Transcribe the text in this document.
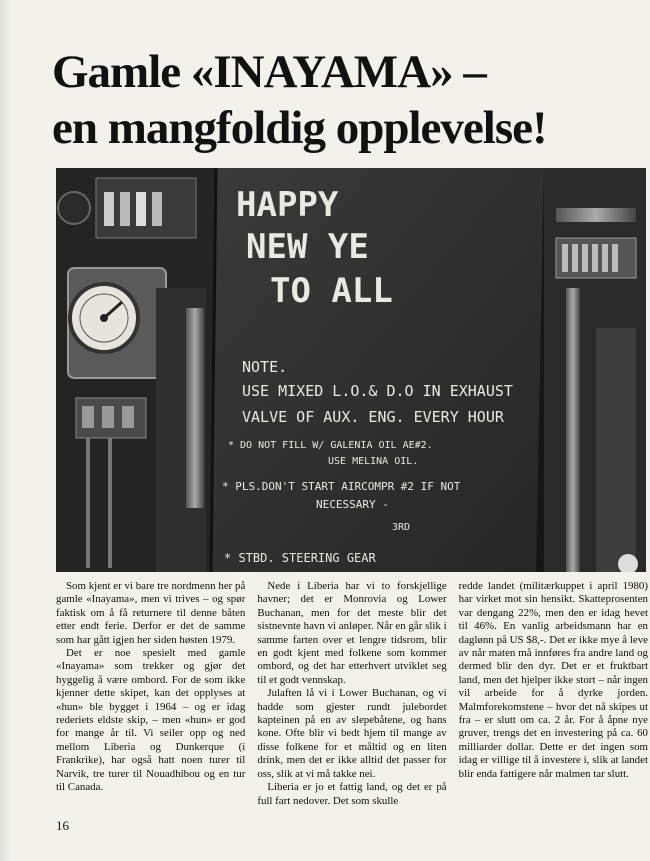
Gamle «INAYAMA» –
en mangfoldig opplevelse!
HAPPY
NEW YE
TO ALL
NOTE.
USE MIXED L.O.& D.O IN EXHAUST
VALVE OF AUX. ENG. EVERY HOUR
* DO NOT FILL W/ GALENIA OIL AE#2.
USE MELINA OIL.
* PLS.DON'T START AIRCOMPR #2 IF NOT
NECESSARY -
3RD
* STBD. STEERING GEAR

Som kjent er vi bare tre nordmenn her på gamle «Inayama», men vi trives – og spør faktisk om å få returnere til denne båten etter endt ferie. Derfor er det de samme som har gått igjen her siden høsten 1979.

Det er noe spesielt med gamle «Inayama» som trekker og gjør det hyggelig å være ombord. For de som ikke kjenner dette skipet, kan det opplyses at «hun» ble bygget i 1964 – og er idag rederiets eldste skip, – men «hun» er god for mange år til. Vi seiler opp og ned mellom Liberia og Dunkerque (i Frankrike), har også hatt noen turer til Narvik, tre turer til Nouadhibou og en tur til Canada.

Nede i Liberia har vi to forskjellige havner; det er Monrovia og Lower Buchanan, men for det meste blir det sistnevnte havn vi anløper. Når en går slik i samme farten over et lengre tidsrom, blir en godt kjent med folkene som kommer ombord, og det har etterhvert utviklet seg til et godt vennskap.

Julaften lå vi i Lower Buchanan, og vi hadde som gjester rundt julebordet kapteinen på en av slepebåtene, og hans kone. Ofte blir vi bedt hjem til mange av disse folkene for et måltid og en liten drink, men det er ikke alltid det passer for oss, slik at vi må takke nei.

Liberia er jo et fattig land, og det er på full fart nedover. Det som skulle

redde landet (militærkuppet i april 1980) har virket mot sin hensikt. Skatteprosenten var dengang 22%, men den er idag hevet til 46%. En vanlig arbeidsmann har en daglønn på US $8,-. Det er ikke mye å leve av når maten må innføres fra andre land og dermed blir den dyr. Det er et fruktbart land, men det hjelper ikke stort – når ingen vil arbeide for å dyrke jorden. Malmforekomstene – hvor det nå skipes ut fra – er slutt om ca. 2 år. For å åpne nye gruver, trengs det en investering på ca. 60 milliarder dollar. Dette er det ingen som idag er villige til å investere i, slik at landet blir enda fattigere når malmen tar slutt.

16
